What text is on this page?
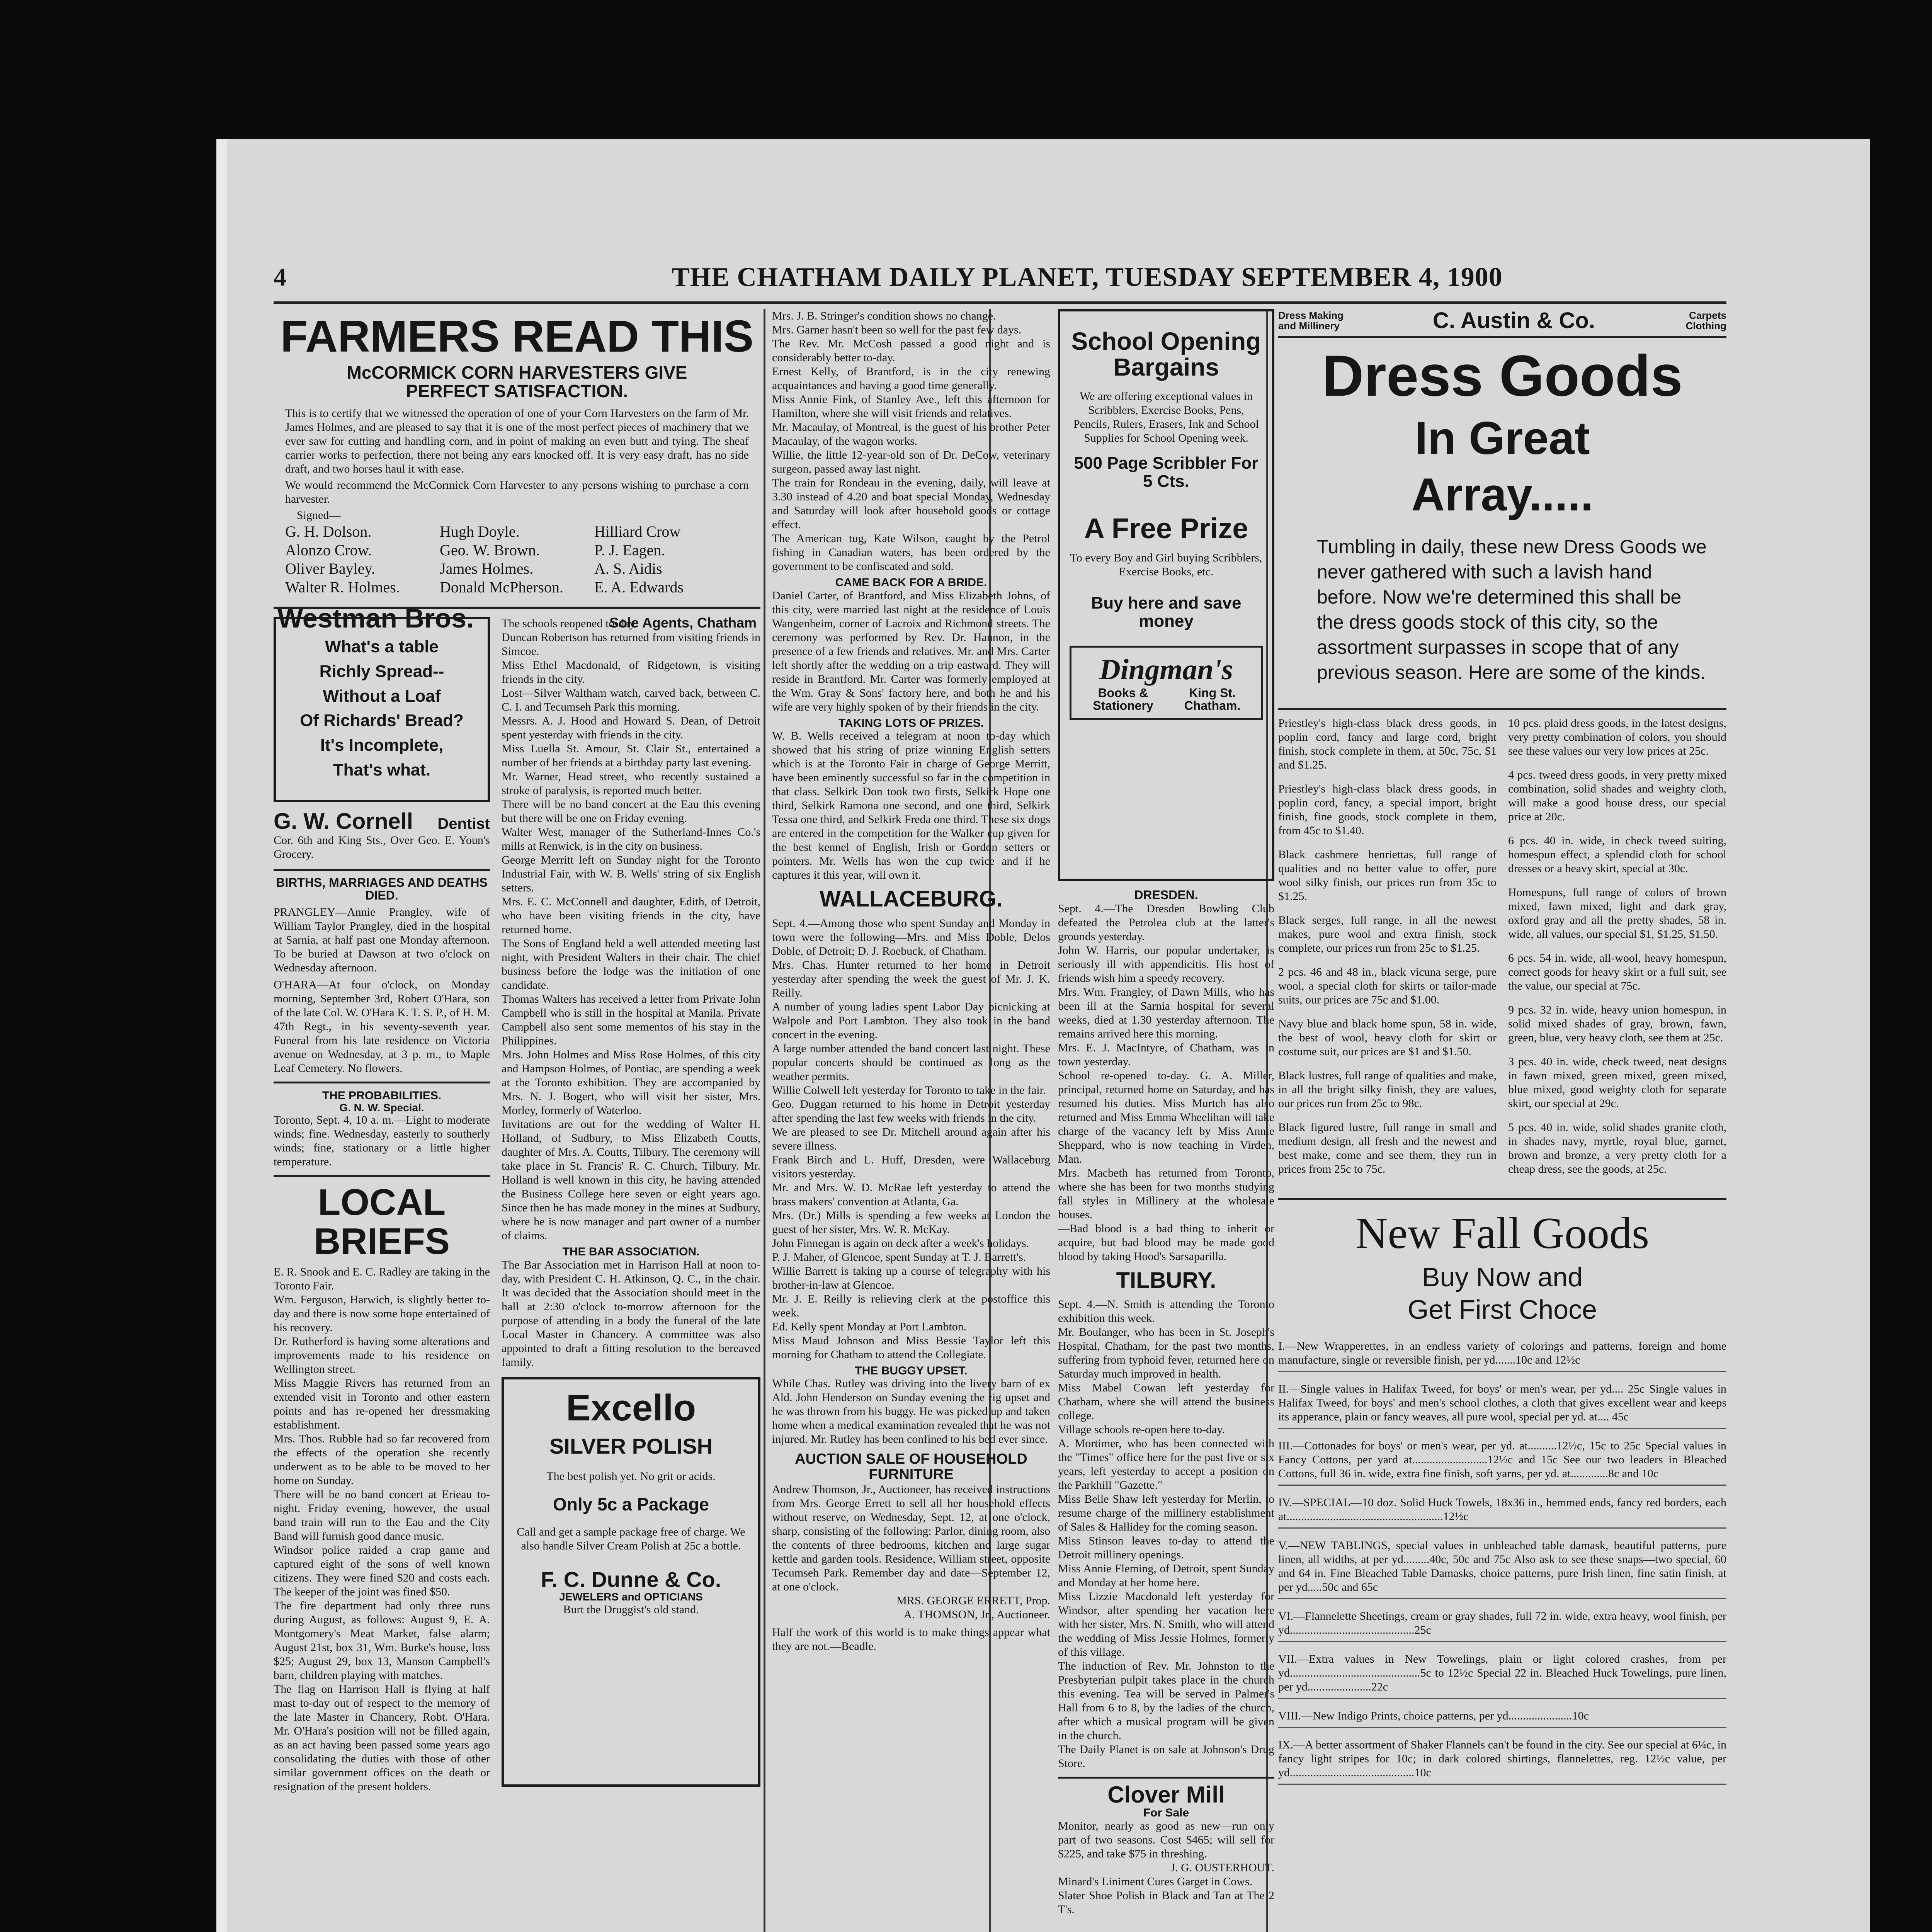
4	THE CHATHAM DAILY PLANET, TUESDAY SEPTEMBER 4, 1900
FARMERS READ THIS
McCORMICK CORN HARVESTERS GIVE PERFECT SATISFACTION.
This is to certify that we witnessed the operation of one of your Corn Harvesters on the farm of Mr. James Holmes, and are pleased to say that it is one of the most perfect pieces of machinery that we ever saw for cutting and handling corn, and in point of making an even butt and tying. The sheaf carrier works to perfection, there not being any ears knocked off. It is very easy draft, has no side draft, and two horses haul it with ease.
We would recommend the McCormick Corn Harvester to any persons wishing to purchase a corn harvester.
Signed—
G. H. Dolson.	Hugh Doyle.	Hilliard Crow
Alonzo Crow.	Geo. W. Brown.	P. J. Eagen.
Oliver Bayley.	James Holmes.	A. S. Aidis
Walter R. Holmes.	Donald McPherson.	E. A. Edwards
Westman Bros.	Sole Agents, Chatham
What's a table
Richly Spread--
Without a Loaf
Of Richards' Bread?
It's Incomplete,
That's what.
G. W. Cornell Dentist
Cor. 6th and King Sts., Over Geo. E. Youn's Grocery.
BIRTHS, MARRIAGES AND DEATHS
DIED.
PRANGLEY—Annie Prangley, wife of William Taylor Prangley, died in the hospital at Sarnia, at half past one Monday afternoon. To be buried at Dawson at two o'clock on Wednesday afternoon.
O'HARA—At four o'clock, on Monday morning, September 3rd, Robert O'Hara, son of the late Col. W. O'Hara K. T. S. P., of H. M. 47th Regt., in his seventy-seventh year. Funeral from his late residence on Victoria avenue on Wednesday, at 3 p. m., to Maple Leaf Cemetery. No flowers.
THE PROBABILITIES.
G. N. W. Special.
Toronto, Sept. 4, 10 a. m.—Light to moderate winds; fine. Wednesday, easterly to southerly winds; fine, stationary or a little higher temperature.
LOCAL BRIEFS
E. R. Snook and E. C. Radley are taking in the Toronto Fair.
Wm. Ferguson, Harwich, is slightly better to-day and there is now some hope entertained of his recovery.
Dr. Rutherford is having some alterations and improvements made to his residence on Wellington street.
Miss Maggie Rivers has returned from an extended visit in Toronto and other eastern points and has re-opened her dressmaking establishment.
Mrs. Thos. Rubble had so far recovered from the effects of the operation she recently underwent as to be able to be moved to her home on Sunday.
There will be no band concert at Erieau to-night. Friday evening, however, the usual band train will run to the Eau and the City Band will furnish good dance music.
Windsor police raided a crap game and captured eight of the sons of well known citizens. They were fined $20 and costs each. The keeper of the joint was fined $50.
The fire department had only three runs during August, as follows: August 9, E. A. Montgomery's Meat Market, false alarm; August 21st, box 31, Wm. Burke's house, loss $25; August 29, box 13, Manson Campbell's barn, children playing with matches.
The flag on Harrison Hall is flying at half mast to-day out of respect to the memory of the late Master in Chancery, Robt. O'Hara. Mr. O'Hara's position will not be filled again, as an act having been passed some years ago consolidating the duties with those of other similar government offices on the death or resignation of the present holders.
The schools reopened to-day.
Duncan Robertson has returned from visiting friends in Simcoe.
Miss Ethel Macdonald, of Ridgetown, is visiting friends in the city.
Lost—Silver Waltham watch, carved back, between C. C. I. and Tecumseh Park this morning.
Messrs. A. J. Hood and Howard S. Dean, of Detroit spent yesterday with friends in the city.
Miss Luella St. Amour, St. Clair St., entertained a number of her friends at a birthday party last evening.
Mr. Warner, Head street, who recently sustained a stroke of paralysis, is reported much better.
There will be no band concert at the Eau this evening but there will be one on Friday evening.
Walter West, manager of the Sutherland-Innes Co.'s mills at Renwick, is in the city on business.
George Merritt left on Sunday night for the Toronto Industrial Fair, with W. B. Wells' string of six English setters.
Mrs. E. C. McConnell and daughter, Edith, of Detroit, who have been visiting friends in the city, have returned home.
The Sons of England held a well attended meeting last night, with President Walters in their chair. The chief business before the lodge was the initiation of one candidate.
Thomas Walters has received a letter from Private John Campbell who is still in the hospital at Manila. Private Campbell also sent some mementos of his stay in the Philippines.
Mrs. John Holmes and Miss Rose Holmes, of this city and Hampson Holmes, of Pontiac, are spending a week at the Toronto exhibition. They are accompanied by Mrs. N. J. Bogert, who will visit her sister, Mrs. Morley, formerly of Waterloo.
Invitations are out for the wedding of Walter H. Holland, of Sudbury, to Miss Elizabeth Coutts, daughter of Mrs. A. Coutts, Tilbury. The ceremony will take place in St. Francis' R. C. Church, Tilbury. Mr. Holland is well known in this city, he having attended the Business College here seven or eight years ago. Since then he has made money in the mines at Sudbury, where he is now manager and part owner of a number of claims.
THE BAR ASSOCIATION.
The Bar Association met in Harrison Hall at noon to-day, with President C. H. Atkinson, Q. C., in the chair. It was decided that the Association should meet in the hall at 2:30 o'clock to-morrow afternoon for the purpose of attending in a body the funeral of the late Local Master in Chancery. A committee was also appointed to draft a fitting resolution to the bereaved family.
Excello
SILVER POLISH
The best polish yet. No grit or acids.
Only 5c a Package
Call and get a sample package free of charge. We also handle Silver Cream Polish at 25c a bottle.
F. C. Dunne & Co.
JEWELERS and OPTICIANS
Burt the Druggist's old stand.

Mrs. J. B. Stringer's condition shows no change.
Mrs. Garner hasn't been so well for the past few days.
The Rev. Mr. McCosh passed a good night and is considerably better to-day.
Ernest Kelly, of Brantford, is in the city renewing acquaintances and having a good time generally.
Miss Annie Fink, of Stanley Ave., left this afternoon for Hamilton, where she will visit friends and relatives.
Mr. Macaulay, of Montreal, is the guest of his brother Peter Macaulay, of the wagon works.
Willie, the little 12-year-old son of Dr. DeCow, veterinary surgeon, passed away last night.
The train for Rondeau in the evening, daily, will leave at 3.30 instead of 4.20 and boat special Monday, Wednesday and Saturday will look after household goods or cottage effect.
The American tug, Kate Wilson, caught by the Petrol fishing in Canadian waters, has been ordered by the government to be confiscated and sold.
CAME BACK FOR A BRIDE.
Daniel Carter, of Brantford, and Miss Elizabeth Johns, of this city, were married last night at the residence of Louis Wangenheim, corner of Lacroix and Richmond streets. The ceremony was performed by Rev. Dr. Hannon, in the presence of a few friends and relatives. Mr. and Mrs. Carter left shortly after the wedding on a trip eastward. They will reside in Brantford. Mr. Carter was formerly employed at the Wm. Gray & Sons' factory here, and both he and his wife are very highly spoken of by their friends in the city.
TAKING LOTS OF PRIZES.
W. B. Wells received a telegram at noon to-day which showed that his string of prize winning English setters which is at the Toronto Fair in charge of George Merritt, have been eminently successful so far in the competition in that class. Selkirk Don took two firsts, Selkirk Hope one third, Selkirk Ramona one second, and one third, Selkirk Tessa one third, and Selkirk Freda one third. These six dogs are entered in the competition for the Walker cup given for the best kennel of English, Irish or Gordon setters or pointers. Mr. Wells has won the cup twice and if he captures it this year, will own it.
WALLACEBURG.
Sept. 4.—Among those who spent Sunday and Monday in town were the following—Mrs. and Miss Doble, Delos Doble, of Detroit; D. J. Roebuck, of Chatham.
Mrs. Chas. Hunter returned to her home in Detroit yesterday after spending the week the guest of Mr. J. K. Reilly.
A number of young ladies spent Labor Day picnicking at Walpole and Port Lambton. They also took in the band concert in the evening.
A large number attended the band concert last night. These popular concerts should be continued as long as the weather permits.
Willie Colwell left yesterday for Toronto to take in the fair.
Geo. Duggan returned to his home in Detroit yesterday after spending the last few weeks with friends in the city.
We are pleased to see Dr. Mitchell around again after his severe illness.
Frank Birch and L. Huff, Dresden, were Wallaceburg visitors yesterday.
Mr. and Mrs. W. D. McRae left yesterday to attend the brass makers' convention at Atlanta, Ga.
Mrs. (Dr.) Mills is spending a few weeks at London the guest of her sister, Mrs. W. R. McKay.
John Finnegan is again on deck after a week's holidays.
P. J. Maher, of Glencoe, spent Sunday at T. J. Barrett's.
Willie Barrett is taking up a course of telegraphy with his brother-in-law at Glencoe.
Mr. J. E. Reilly is relieving clerk at the postoffice this week.
Ed. Kelly spent Monday at Port Lambton.
Miss Maud Johnson and Miss Bessie Taylor left this morning for Chatham to attend the Collegiate.
THE BUGGY UPSET.
While Chas. Rutley was driving into the livery barn of ex Ald. John Henderson on Sunday evening the rig upset and he was thrown from his buggy. He was picked up and taken home when a medical examination revealed that he was not injured. Mr. Rutley has been confined to his bed ever since.
AUCTION SALE OF HOUSEHOLD FURNITURE
Andrew Thomson, Jr., Auctioneer, has received instructions from Mrs. George Errett to sell all her household effects without reserve, on Wednesday, Sept. 12, at one o'clock, sharp, consisting of the following: Parlor, dining room, also the contents of three bedrooms, kitchen and large sugar kettle and garden tools. Residence, William street, opposite Tecumseh Park. Remember day and date—September 12, at one o'clock.
MRS. GEORGE ERRETT, Prop.
A. THOMSON, Jr., Auctioneer.
Half the work of this world is to make things appear what they are not.—Beadle.
School Opening Bargains
We are offering exceptional values in Scribblers, Exercise Books, Pens, Pencils, Rulers, Erasers, Ink and School Supplies for School Opening week.
500 Page Scribbler For 5 Cts.
A Free Prize
To every Boy and Girl buying Scribblers, Exercise Books, etc.
Buy here and save money
Dingman's
Books & Stationery
King St. Chatham.
DRESDEN.
Sept. 4.—The Dresden Bowling Club defeated the Petrolea club at the latter's grounds yesterday.
John W. Harris, our popular undertaker, is seriously ill with appendicitis. His host of friends wish him a speedy recovery.
Mrs. Wm. Frangley, of Dawn Mills, who has been ill at the Sarnia hospital for several weeks, died at 1.30 yesterday afternoon. The remains arrived here this morning.
Mrs. E. J. MacIntyre, of Chatham, was in town yesterday.
School re-opened to-day. G. A. Miller, principal, returned home on Saturday, and has resumed his duties. Miss Murtch has also returned and Miss Emma Wheelihan will take charge of the vacancy left by Miss Annie Sheppard, who is now teaching in Virden, Man.
Mrs. Macbeth has returned from Toronto, where she has been for two months studying fall styles in Millinery at the wholesale houses.
—Bad blood is a bad thing to inherit or acquire, but bad blood may be made good blood by taking Hood's Sarsaparilla.
TILBURY.
Sept. 4.—N. Smith is attending the Toronto exhibition this week.
Mr. Boulanger, who has been in St. Joseph's Hospital, Chatham, for the past two months, suffering from typhoid fever, returned here on Saturday much improved in health.
Miss Mabel Cowan left yesterday for Chatham, where she will attend the business college.
Village schools re-open here to-day.
A. Mortimer, who has been connected with the "Times" office here for the past five or six years, left yesterday to accept a position on the Parkhill "Gazette."
Miss Belle Shaw left yesterday for Merlin, to resume charge of the millinery establishment of Sales & Hallidey for the coming season.
Miss Stinson leaves to-day to attend the Detroit millinery openings.
Miss Annie Fleming, of Detroit, spent Sunday and Monday at her home here.
Miss Lizzie Macdonald left yesterday for Windsor, after spending her vacation here with her sister, Mrs. N. Smith, who will attend the wedding of Miss Jessie Holmes, formerly of this village.
The induction of Rev. Mr. Johnston to the Presbyterian pulpit takes place in the church this evening. Tea will be served in Palmer's Hall from 6 to 8, by the ladies of the church, after which a musical program will be given in the church.
The Daily Planet is on sale at Johnson's Drug Store.
Clover Mill
For Sale
Monitor, nearly as good as new—run only part of two seasons. Cost $465; will sell for $225, and take $75 in threshing.
J. G. OUSTERHOUT.
Minard's Liniment Cures Garget in Cows.
Slater Shoe Polish in Black and Tan at The 2 T's.
Dress Making and Millinery	C. Austin & Co.	Carpets Clothing
Dress Goods
In Great
Array.....
Tumbling in daily, these new Dress Goods we never gathered with such a lavish hand before. Now we're determined this shall be the dress goods stock of this city, so the assortment surpasses in scope that of any previous season. Here are some of the kinds.
Priestley's high-class black dress goods, in poplin cord, fancy and large cord, bright finish, stock complete in them, at 50c, 75c, $1 and $1.25.
Priestley's high-class black dress goods, in poplin cord, fancy, a special import, bright finish, fine goods, stock complete in them, from 45c to $1.40.
Black cashmere henriettas, full range of qualities and no better value to offer, pure wool silky finish, our prices run from 35c to $1.25.
Black serges, full range, in all the newest makes, pure wool and extra finish, stock complete, our prices run from 25c to $1.25.
2 pcs. 46 and 48 in., black vicuna serge, pure wool, a special cloth for skirts or tailor-made suits, our prices are 75c and $1.00.
Navy blue and black home spun, 58 in. wide, the best of wool, heavy cloth for skirt or costume suit, our prices are $1 and $1.50.
Black lustres, full range of qualities and make, in all the bright silky finish, they are values, our prices run from 25c to 98c.
Black figured lustre, full range in small and medium design, all fresh and the newest and best make, come and see them, they run in prices from 25c to 75c.
10 pcs. plaid dress goods, in the latest designs, very pretty combination of colors, you should see these values our very low prices at 25c.
4 pcs. tweed dress goods, in very pretty mixed combination, solid shades and weighty cloth, will make a good house dress, our special price at 20c.
6 pcs. 40 in. wide, in check tweed suiting, homespun effect, a splendid cloth for school dresses or a heavy skirt, special at 30c.
Homespuns, full range of colors of brown mixed, fawn mixed, light and dark gray, oxford gray and all the pretty shades, 58 in. wide, all values, our special $1, $1.25, $1.50.
6 pcs. 54 in. wide, all-wool, heavy homespun, correct goods for heavy skirt or a full suit, see the value, our special at 75c.
9 pcs. 32 in. wide, heavy union homespun, in solid mixed shades of gray, brown, fawn, green, blue, very heavy cloth, see them at 25c.
3 pcs. 40 in. wide, check tweed, neat designs in fawn mixed, green mixed, green mixed, blue mixed, good weighty cloth for separate skirt, our special at 29c.
5 pcs. 40 in. wide, solid shades granite cloth, in shades navy, myrtle, royal blue, garnet, brown and bronze, a very pretty cloth for a cheap dress, see the goods, at 25c.
New Fall Goods
Buy Now and
Get First Choce
I.—New Wrapperettes, in an endless variety of colorings and patterns, foreign and home manufacture, single or reversible finish, per yd.......10c and 12½c
II.—Single values in Halifax Tweed, for boys' or men's wear, per yd.... 25c Single values in Halifax Tweed, for boys' and men's school clothes, a cloth that gives excellent wear and keeps its apperance, plain or fancy weaves, all pure wool, special per yd. at.... 45c
III.—Cottonades for boys' or men's wear, per yd. at..........12½c, 15c to 25c Special values in Fancy Cottons, per yard at..........................12½c and 15c See our two leaders in Bleached Cottons, full 36 in. wide, extra fine finish, soft yarns, per yd. at.............8c and 10c
IV.—SPECIAL—10 doz. Solid Huck Towels, 18x36 in., hemmed ends, fancy red borders, each at......................................................12½c
V.—NEW TABLINGS, special values in unbleached table damask, beautiful patterns, pure linen, all widths, at per yd.........40c, 50c and 75c Also ask to see these snaps—two special, 60 and 64 in. Fine Bleached Table Damasks, choice patterns, pure Irish linen, fine satin finish, at per yd.....50c and 65c
VI.—Flannelette Sheetings, cream or gray shades, full 72 in. wide, extra heavy, wool finish, per yd...........................................25c
VII.—Extra values in New Towelings, plain or light colored crashes, from per yd.............................................5c to 12½c Special 22 in. Bleached Huck Towelings, pure linen, per yd......................22c
VIII.—New Indigo Prints, choice patterns, per yd......................10c
IX.—A better assortment of Shaker Flannels can't be found in the city. See our special at 6¼c, in fancy light stripes for 10c; in dark colored shirtings, flannelettes, reg. 12½c value, per yd...........................................10c
